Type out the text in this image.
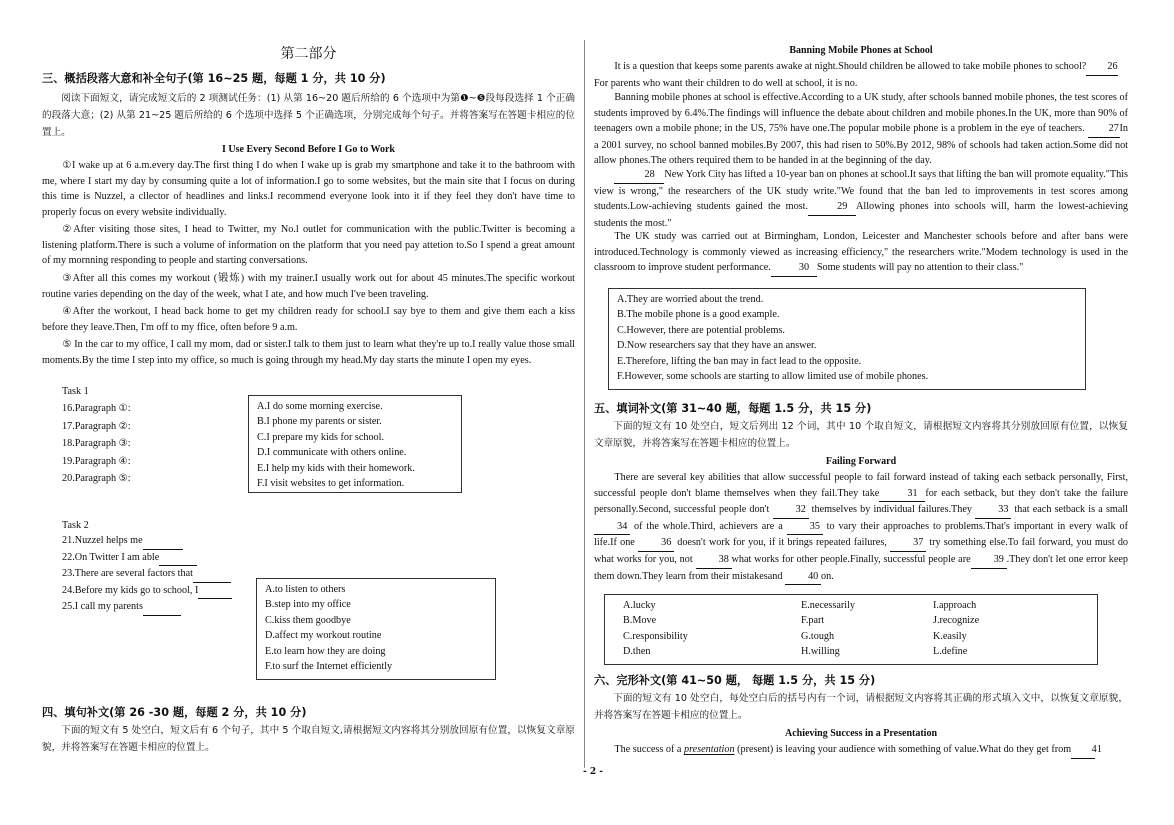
第二部分
三、概括段落大意和补全句子(第 16~25 题，每题 1 分，共 10 分)
阅读下面短文，请完成短文后的 2 项测试任务：(1) 从第 16~20 题后所给的 6 个选项中为第❶~❺段每段选择 1 个正确的段落大意；(2) 从第 21~25 题后所给的 6 个选项中选择 5 个正确选项，分别完成每个句子。并将答案写在答题卡相应的位置上。
I Use Every Second Before I Go to Work
①I wake up at 6 a.m.every day.The first thing I do when I wake up is grab my smartphone and take it to the bathroom with me, where I start my day by consuming quite a lot of information.I go to some websites, but the main site that I focus on during this time is Nuzzel, a cllector of headlines and links.I recommend everyone look into it if they feel they don't have time to properly focus on every website individually.
②After visiting those sites, I head to Twitter, my No.l outlet for communication with the public.Twitter is becoming a listening platform.There is such a volume of information on the platform that you need pay attetion to.So I spend a great amount of my mornning responding to people and starting conversations.
③After all this comes my workout (锻炼) with my trainer.I usually work out for about 45 minutes.The specific workout routine varies depending on the day of the week, what I ate, and how much I've been traveling.
④After the workout, I head back home to get my children ready for school.I say bye to them and give them each a kiss before they leave.Then, I'm off to my ffice, often before 9 a.m.
⑤ In the car to my office, I call my mom, dad or sister.I talk to them just to learn what they're up to.I really value those small moments.By the time I step into my office, so much is going through my head.My day starts the minute I open my eyes.
Task 1
16.Paragraph ①:
17.Paragraph ②:
18.Paragraph ③:
19.Paragraph ④:
20.Paragraph ⑤:
A.I do some morning exercise.
B.I phone my parents or sister.
C.I prepare my kids for school.
D.I communicate with others online.
E.I help my kids with their homework.
F.I visit websites to get information.
Task 2
21.Nuzzel helps me
22.On Twitter I am able
23.There are several factors that
24.Before my kids go to school, I
25.I call my parents
A.to listen to others
B.step into my office
C.kiss them goodbye
D.affect my workout routine
E.to learn how they are doing
F.to surf the Internet efficiently
四、填句补文(第 26 -30 题，每题 2 分，共 10 分)
下面的短文有 5 处空白，短文后有 6 个句子，其中 5 个取自短文,请根据短文内容将其分别放回原有位置，以恢复文章原貌，并将答案写在答题卡相应的位置上。
Banning Mobile Phones at School
It is a question that keeps some parents awake at night.Should children be allowed to take mobile phones to school? 26
For parents who want their children to do well at school, it is no.
Banning mobile phones at school is effective.According to a UK study, after schools banned mobile phones, the test scores of students improved by 6.4%.The findings will influence the debate about children and mobile phones.In the UK, more than 90% of teenagers own a mobile phone; in the US, 75% have one.The popular mobile phone is a problem in the eye of teachers. 27In a 2001 survey, no school banned mobiles.By 2007, this had risen to 50%.By 2012, 98% of schools had taken action.Some did not allow phones.The others required them to be handed in at the beginning of the day.
28 New York City has lifted a 10-year ban on phones at school.It says that lifting the ban will promote equality."This view is wrong," the researchers of the UK study write."We found that the ban led to improvements in test scores among students.Low-achieving students gained the most.	29 Allowing phones into schools will, harm the lowest-achieving students the most."
The UK study was carried out at Birmingham, London, Leicester and Manchester schools before and after bans were introduced.Technology is commonly viewed as increasing efficiency," the researchers write."Modem technology is used in the classroom to improve student performance.	30 Some students will pay no attention to their class."
A.They are worried about the trend.
B.The mobile phone is a good example.
C.However, there are potential problems.
D.Now researchers say that they have an answer.
E.Therefore, lifting the ban may in fact lead to the opposite.
F.However, some schools are starting to allow limited use of mobile phones.
五、填词补文(第 31~40 题，每题 1.5 分，共 15 分)
下面的短文有 10 处空白，短文后列出 12 个词，其中 10 个取自短文，请根据短文内容将其分别放回原有位置，以恢复文章原貌，并将答案写在答题卡相应的位置上。
Failing Forward
There are several key abilities that allow successful people to fail forward instead of taking each setback personally, First, successful people don't blame themselves when they fail.They take	31 for each setback, but they don't take the failure personally.Second, successful people don't	32 themselves by individual failures.They	33 that each setback is a small 34 of the whole.Third, achievers are a	35 to vary their approaches to problems.That's important in every walk of life.If one	36 doesn't work for you, if it brings repeated failures,	37 try something else.To fail forward, you must do what works for you, not	38 what works for other people.Finally, successful people are 39 .They don't let one error keep them down.They learn from their mistakesand	40 on.
A.lucky	E.necessarily	I.approach
B.Move	F.part	J.recognize
C.responsibility	G.tough	K.easily
D.then	H.willing	L.define
六、完形补文(第 41~50 题， 每题 1.5 分，共 15 分)
下面的短文有 10 处空白，每处空白后的括号内有一个词，请根据短文内容将其正确的形式填入文中，以恢复文章原貌，并将答案写在答题卡相应的位置上。
Achieving Success in a Presentation
The success of a presentation (present) is leaving your audience with something of value.What do they get from 41
- 2 -
